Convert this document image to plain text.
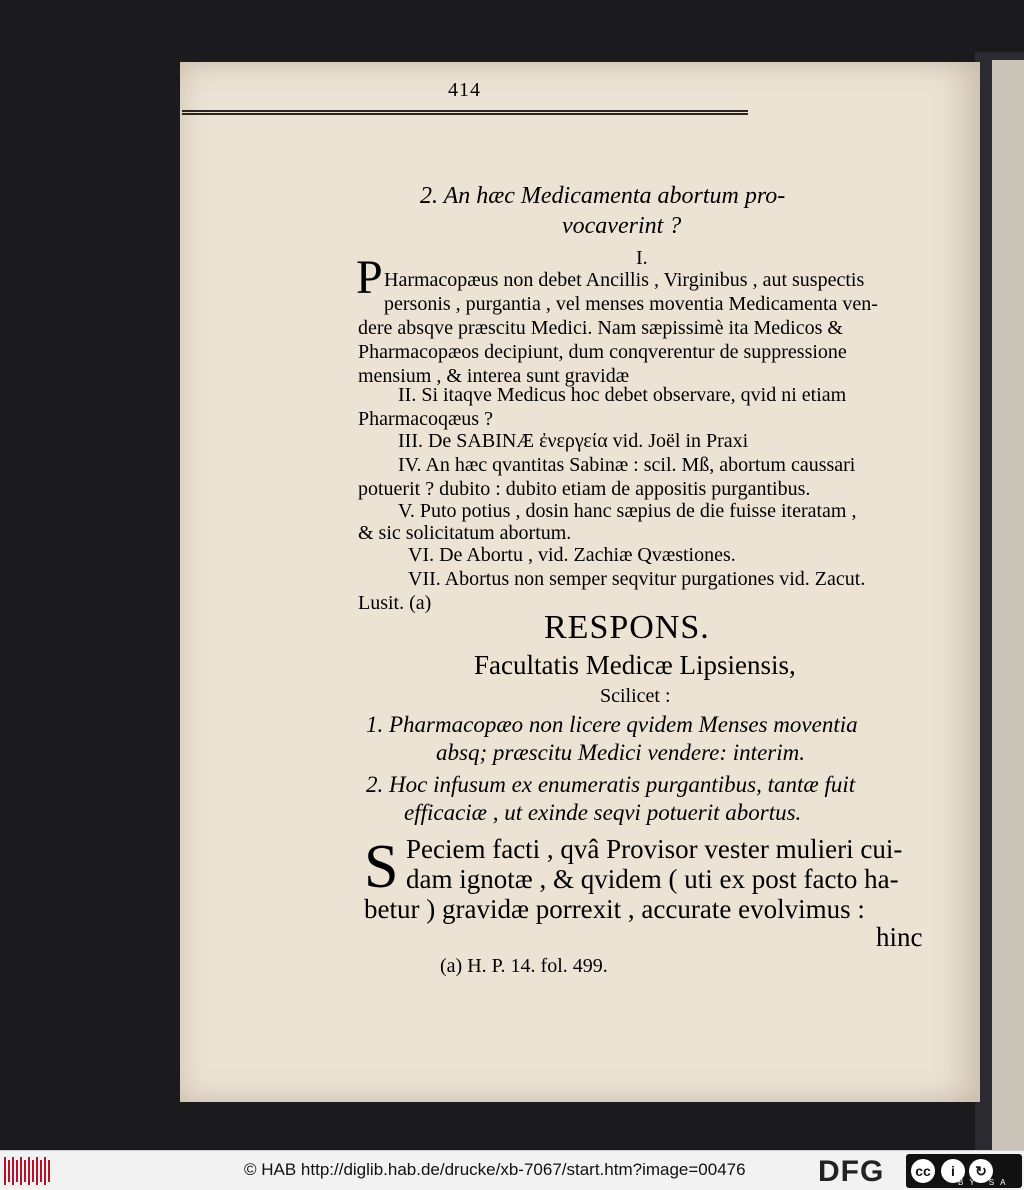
414
2. An hæc Medicamenta abortum pro-
vocaverint ?
I.
P Harmacopæus non debet Ancillis , Virginibus , aut suspectis
personis , purgantia , vel menses moventia Medicamenta ven-
dere absqve præscitu Medici. Nam sæpissimè ita Medicos &
Pharmacopæos decipiunt, dum conqverentur de suppressione
mensium , & interea sunt gravidæ
II. Si itaqve Medicus hoc debet observare, qvid ni etiam
Pharmacoqæus ?
III. De SABINÆ ἐνεργεία vid. Joël in Praxi
IV. An hæc qvantitas Sabinæ : scil. Mß, abortum caussari
potuerit ? dubito : dubito etiam de appositis purgantibus.
V. Puto potius , dosin hanc sæpius de die fuisse iteratam ,
& sic solicitatum abortum.
VI. De Abortu , vid. Zachiæ Qvæstiones.
VII. Abortus non semper seqvitur purgationes vid. Zacut.
Lusit. (a)
RESPONS.
Facultatis Medicæ Lipsiensis,
Scilicet :
1. Pharmacopæo non licere qvidem Menses moventia
absq; præscitu Medici vendere: interim.
2. Hoc infusum ex enumeratis purgantibus, tantæ fuit
efficaciæ , ut exinde seqvi potuerit abortus.
S Peciem facti , qvâ Provisor vester mulieri cui-
dam ignotæ , & qvidem ( uti ex post facto ha-
betur ) gravidæ porrexit , accurate evolvimus :
hinc
(a) H. P. 14. fol. 499.
© HAB http://diglib.hab.de/drucke/xb-7067/start.htm?image=00476 DFG	cc	i	↻
BY SA
